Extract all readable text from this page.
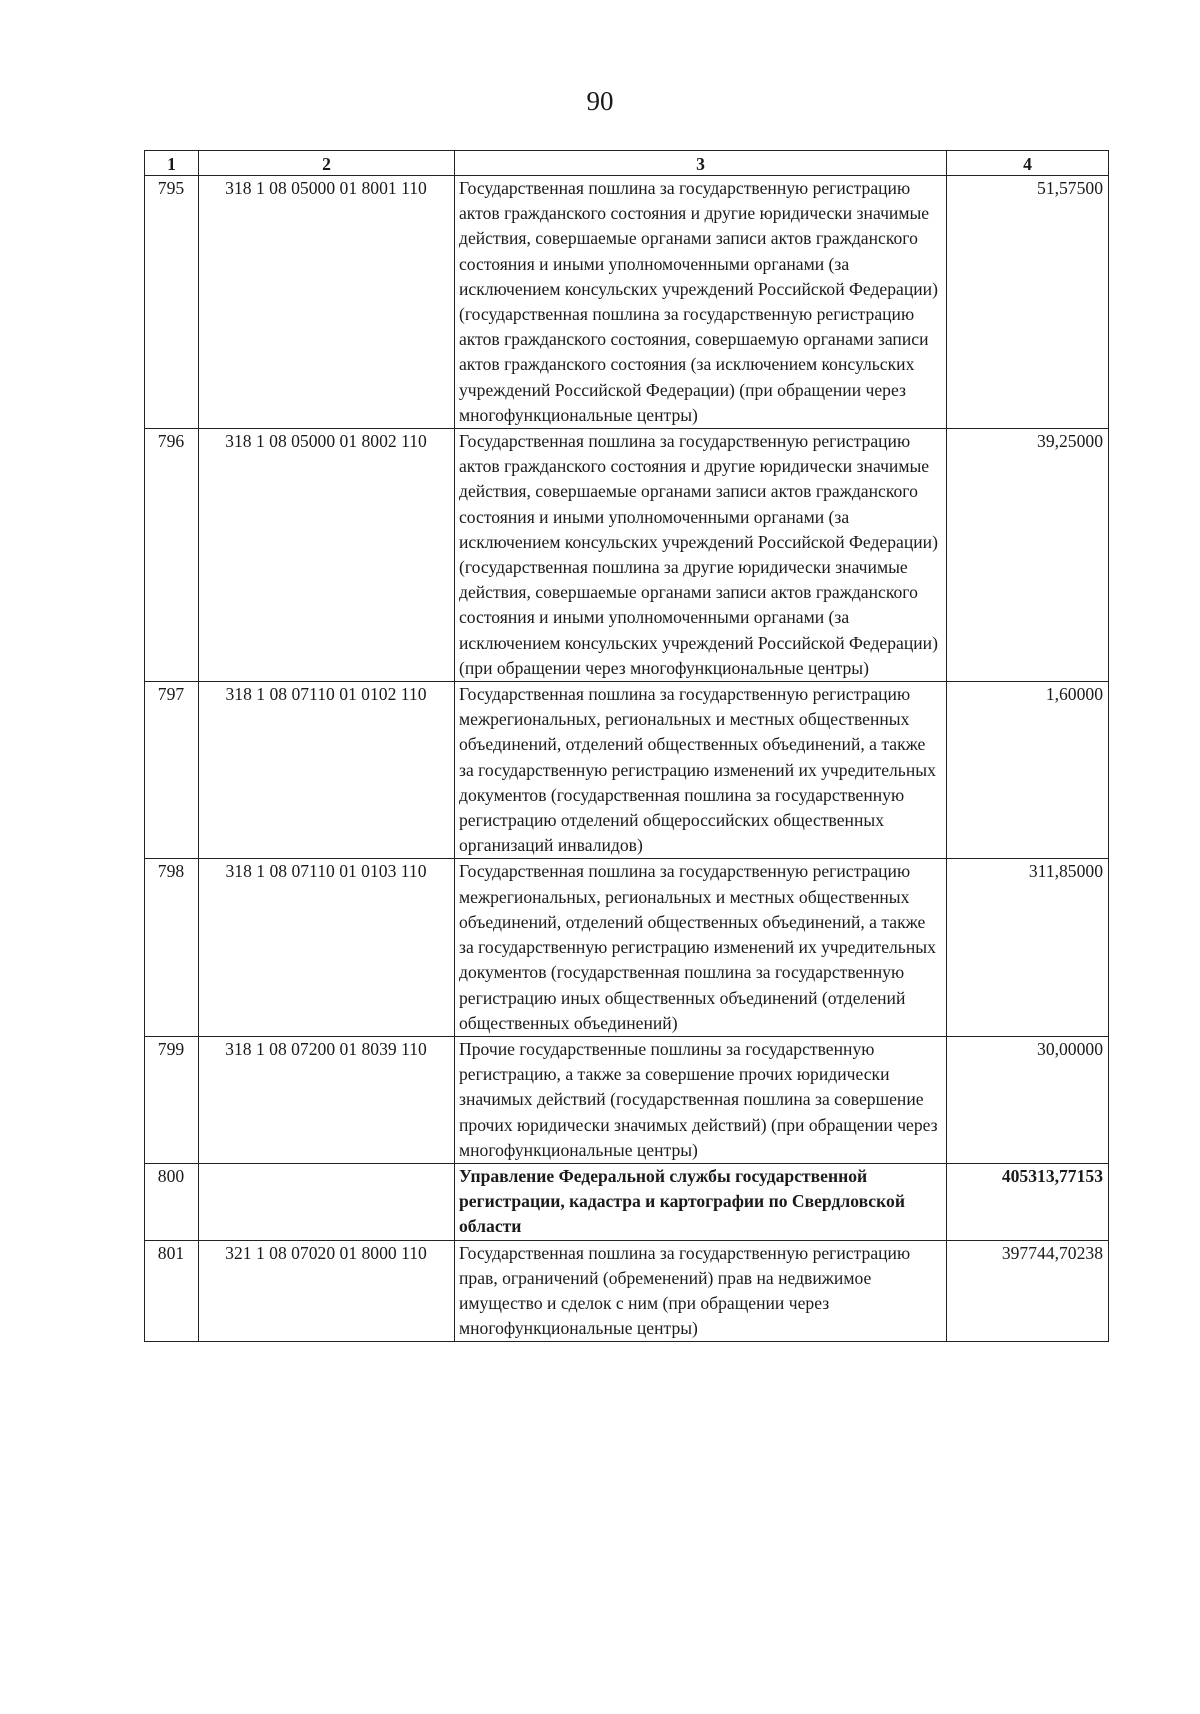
90
1	2	3	4
795	318 1 08 05000 01 8001 110	Государственная пошлина за государственную регистрацию актов гражданского состояния и другие юридически значимые действия, совершаемые органами записи актов гражданского состояния и иными уполномоченными органами (за исключением консульских учреждений Российской Федерации) (государственная пошлина за государственную регистрацию актов гражданского состояния, совершаемую органами записи актов гражданского состояния (за исключением консульских учреждений Российской Федерации) (при обращении через многофункциональные центры)	51,57500
796	318 1 08 05000 01 8002 110	Государственная пошлина за государственную регистрацию актов гражданского состояния и другие юридически значимые действия, совершаемые органами записи актов гражданского состояния и иными уполномоченными органами (за исключением консульских учреждений Российской Федерации) (государственная пошлина за другие юридически значимые действия, совершаемые органами записи актов гражданского состояния и иными уполномоченными органами (за исключением консульских учреждений Российской Федерации) (при обращении через многофункциональные центры)	39,25000
797	318 1 08 07110 01 0102 110	Государственная пошлина за государственную регистрацию межрегиональных, региональных и местных общественных объединений, отделений общественных объединений, а также за государственную регистрацию изменений их учредительных документов (государственная пошлина за государственную регистрацию отделений общероссийских общественных организаций инвалидов)	1,60000
798	318 1 08 07110 01 0103 110	Государственная пошлина за государственную регистрацию межрегиональных, региональных и местных общественных объединений, отделений общественных объединений, а также за государственную регистрацию изменений их учредительных документов (государственная пошлина за государственную регистрацию иных общественных объединений (отделений общественных объединений)	311,85000
799	318 1 08 07200 01 8039 110	Прочие государственные пошлины за государственную регистрацию, а также за совершение прочих юридически значимых действий (государственная пошлина за совершение прочих юридически значимых действий) (при обращении через многофункциональные центры)	30,00000
800		Управление Федеральной службы государственной регистрации, кадастра и картографии по Свердловской области	405313,77153
801	321 1 08 07020 01 8000 110	Государственная пошлина за государственную регистрацию прав, ограничений (обременений) прав на недвижимое имущество и сделок с ним (при обращении через многофункциональные центры)	397744,70238
